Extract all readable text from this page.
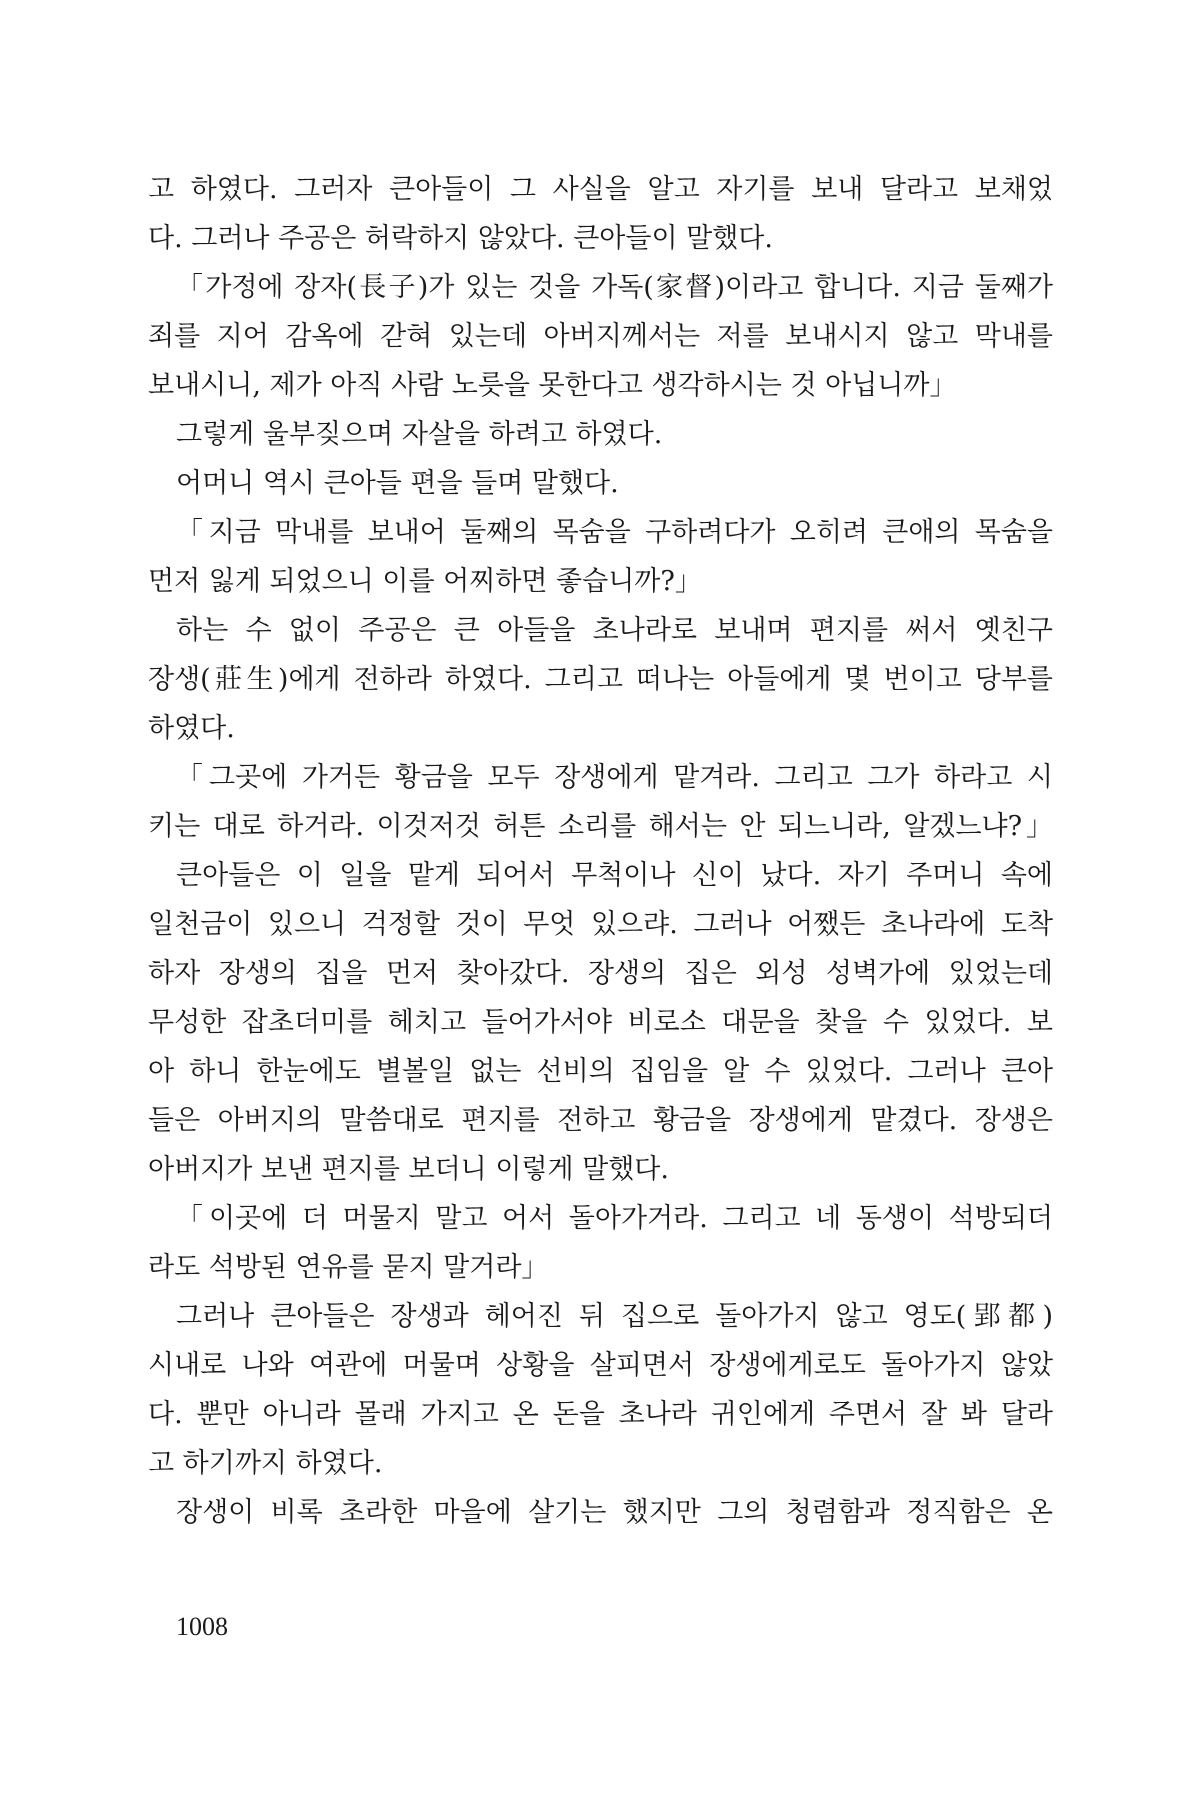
고 하였다. 그러자 큰아들이 그 사실을 알고 자기를 보내 달라고 보채었
다. 그러나 주공은 허락하지 않았다. 큰아들이 말했다.
「가정에 장자(長子)가 있는 것을 가독(家督)이라고 합니다. 지금 둘째가
죄를 지어 감옥에 갇혀 있는데 아버지께서는 저를 보내시지 않고 막내를
보내시니, 제가 아직 사람 노릇을 못한다고 생각하시는 것 아닙니까」
그렇게 울부짖으며 자살을 하려고 하였다.
어머니 역시 큰아들 편을 들며 말했다.
「지금 막내를 보내어 둘째의 목숨을 구하려다가 오히려 큰애의 목숨을
먼저 잃게 되었으니 이를 어찌하면 좋습니까?」
하는 수 없이 주공은 큰 아들을 초나라로 보내며 편지를 써서 옛친구
장생(莊生)에게 전하라 하였다. 그리고 떠나는 아들에게 몇 번이고 당부를
하였다.
「그곳에 가거든 황금을 모두 장생에게 맡겨라. 그리고 그가 하라고 시
키는 대로 하거라. 이것저것 허튼 소리를 해서는 안 되느니라, 알겠느냐?」
큰아들은 이 일을 맡게 되어서 무척이나 신이 났다. 자기 주머니 속에
일천금이 있으니 걱정할 것이 무엇 있으랴. 그러나 어쨌든 초나라에 도착
하자 장생의 집을 먼저 찾아갔다. 장생의 집은 외성 성벽가에 있었는데
무성한 잡초더미를 헤치고 들어가서야 비로소 대문을 찾을 수 있었다. 보
아 하니 한눈에도 별볼일 없는 선비의 집임을 알 수 있었다. 그러나 큰아
들은 아버지의 말씀대로 편지를 전하고 황금을 장생에게 맡겼다. 장생은
아버지가 보낸 편지를 보더니 이렇게 말했다.
「이곳에 더 머물지 말고 어서 돌아가거라. 그리고 네 동생이 석방되더
라도 석방된 연유를 묻지 말거라」
그러나 큰아들은 장생과 헤어진 뒤 집으로 돌아가지 않고 영도(郢都)
시내로 나와 여관에 머물며 상황을 살피면서 장생에게로도 돌아가지 않았
다. 뿐만 아니라 몰래 가지고 온 돈을 초나라 귀인에게 주면서 잘 봐 달라
고 하기까지 하였다.
장생이 비록 초라한 마을에 살기는 했지만 그의 청렴함과 정직함은 온
1008
